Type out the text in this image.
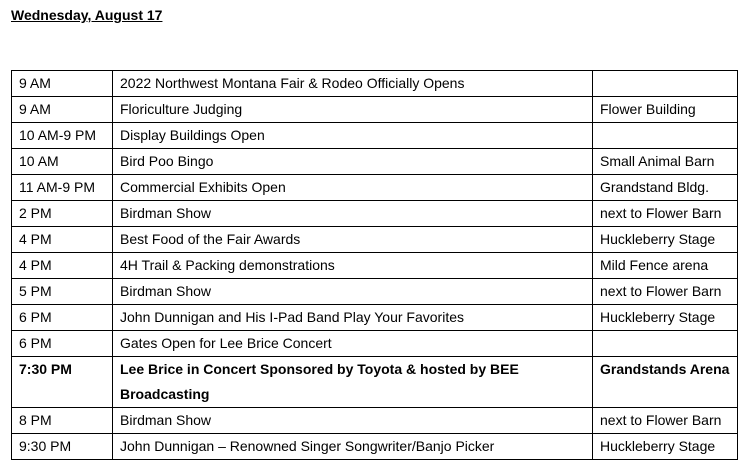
Wednesday, August 17
9 AM	2022 Northwest Montana Fair & Rodeo Officially Opens	
9 AM	Floriculture Judging	Flower Building
10 AM-9 PM	Display Buildings Open	
10 AM	Bird Poo Bingo	Small Animal Barn
11 AM-9 PM	Commercial Exhibits Open	Grandstand Bldg.
2 PM	Birdman Show	next to Flower Barn
4 PM	Best Food of the Fair Awards	Huckleberry Stage
4 PM	4H Trail & Packing demonstrations	Mild Fence arena
5 PM	Birdman Show	next to Flower Barn
6 PM	John Dunnigan and His I-Pad Band Play Your Favorites	Huckleberry Stage
6 PM	Gates Open for Lee Brice Concert	
7:30 PM	Lee Brice in Concert Sponsored by Toyota & hosted by BEE Broadcasting	Grandstands Arena
8 PM	Birdman Show	next to Flower Barn
9:30 PM	John Dunnigan – Renowned Singer Songwriter/Banjo Picker	Huckleberry Stage
